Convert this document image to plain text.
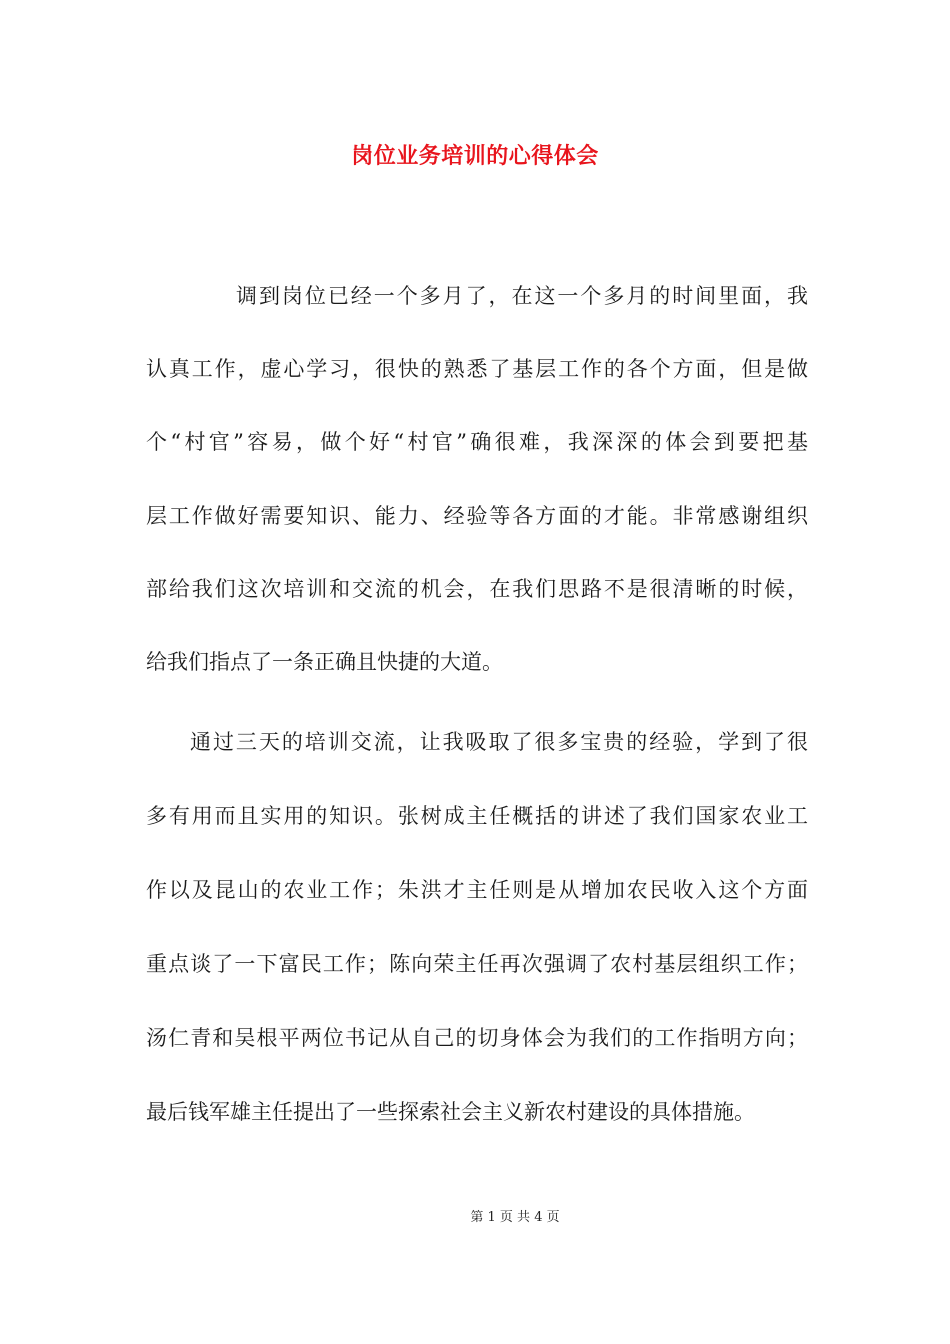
岗位业务培训的心得体会
调到岗位已经一个多月了，在这一个多月的时间里面，我
认真工作，虚心学习，很快的熟悉了基层工作的各个方面，但是做
个“村官”容易，做个好“村官”确很难，我深深的体会到要把基
层工作做好需要知识、能力、经验等各方面的才能。非常感谢组织
部给我们这次培训和交流的机会，在我们思路不是很清晰的时候，
给我们指点了一条正确且快捷的大道。
通过三天的培训交流，让我吸取了很多宝贵的经验，学到了很
多有用而且实用的知识。张树成主任概括的讲述了我们国家农业工
作以及昆山的农业工作；朱洪才主任则是从增加农民收入这个方面
重点谈了一下富民工作；陈向荣主任再次强调了农村基层组织工作；
汤仁青和吴根平两位书记从自己的切身体会为我们的工作指明方向；
最后钱军雄主任提出了一些探索社会主义新农村建设的具体措施。
第 1 页 共 4 页
